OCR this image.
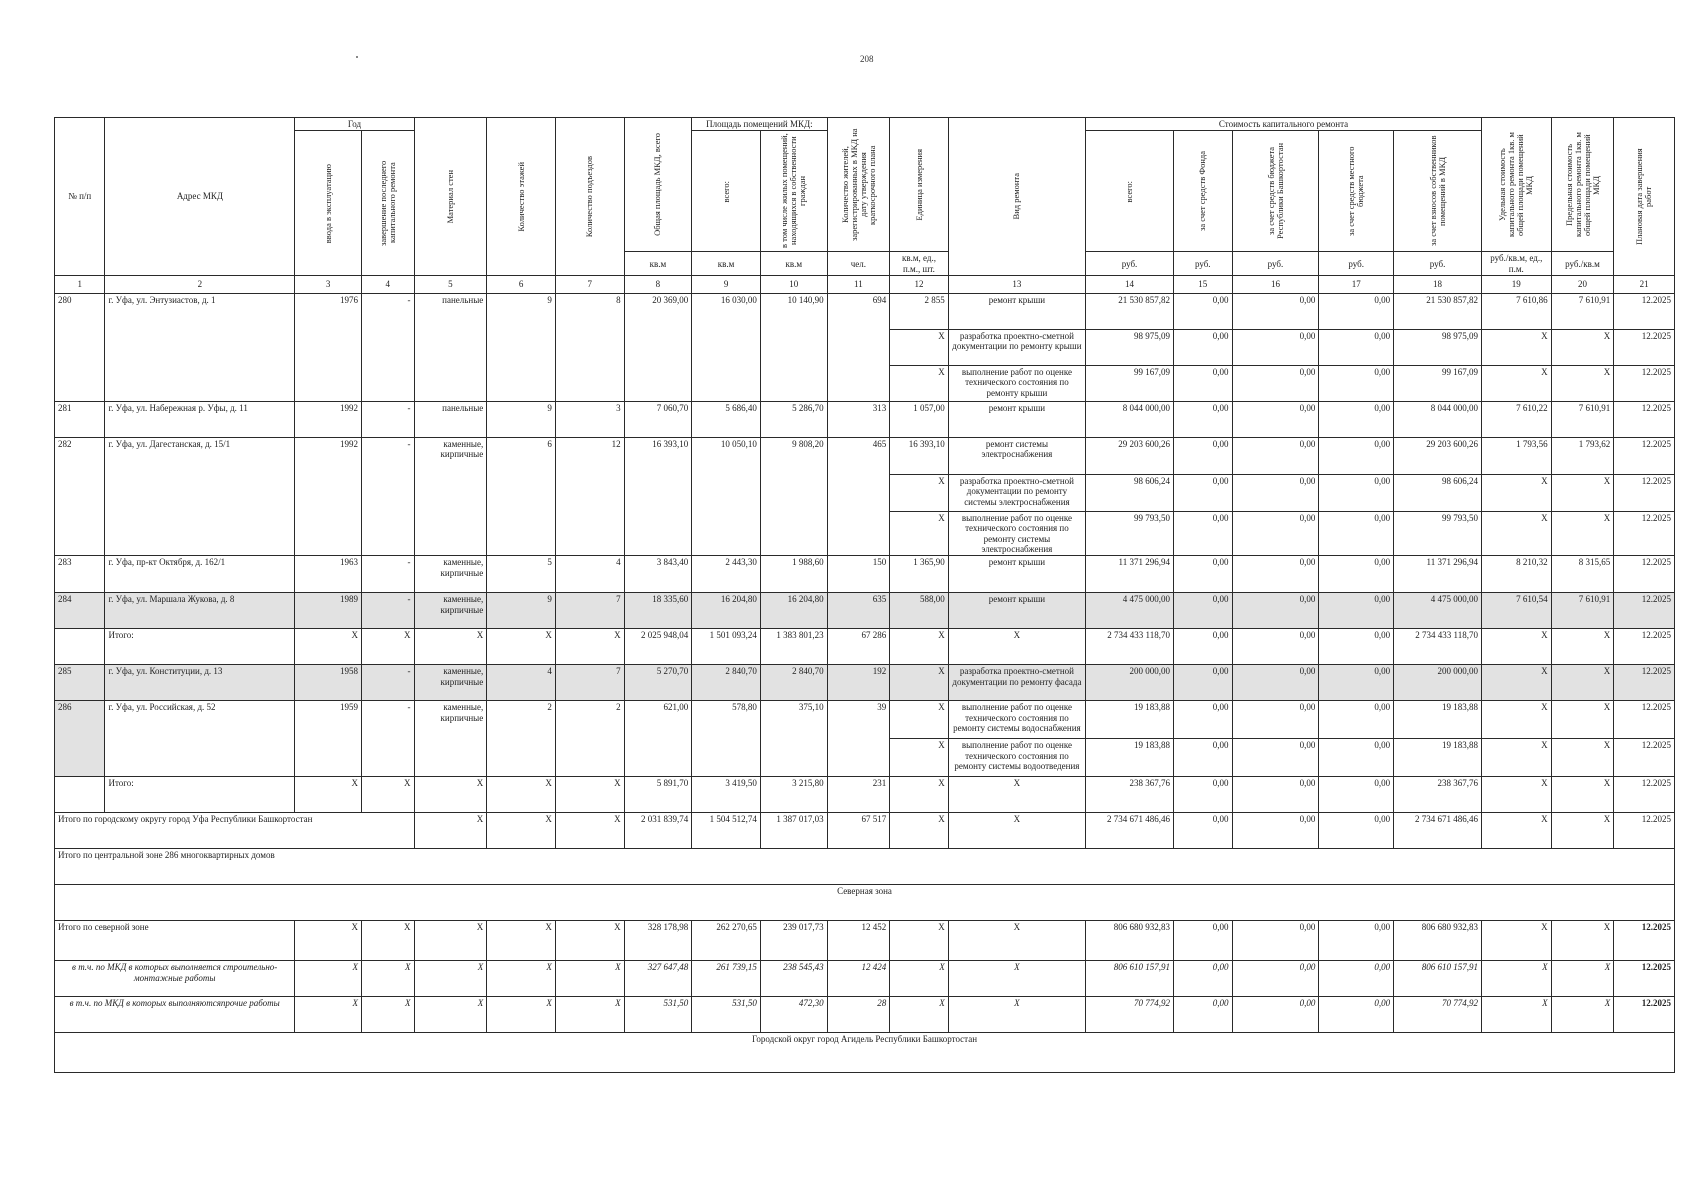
208
№ п/п	Адрес МКД	Год		Материал стен	Количество этажей	Количество подъездов	Общая площадь МКД, всего	Площадь помещений МКД:		Количество жителей, зарегистрированных в МКД на дату утверждения краткосрочного плана	Единица измерения	Вид ремонта	Стоимость капитального ремонта					Удельная стоимость капитального ремонта 1кв. м общей площади помещений МКД	Предельная стоимость капитального ремонта 1кв. м общей площади помещений МКД	Плановая дата завершения работ

		ввода в эксплуатацию	завершение последнего капитального ремонта					всего:	в том числе жилых помещений, находящихся в собственности граждан				всего:	за счет средств Фонда	за счет средств бюджета Республики Башкортостан	за счет средств местного бюджета	за счет взносов собственников помещений в МКД			

							кв.м	кв.м	кв.м	чел.	кв.м, ед., п.м., шт.		руб.	руб.	руб.	руб.	руб.	руб./кв.м, ед., п.м.	руб./кв.м	
1	2	3	4	5	6	7	8	9	10	11	12	13	14	15	16	17	18	19	20	21
280	г. Уфа, ул. Энтузиастов, д. 1	1976	-	панельные	9	8	20 369,00	16 030,00	10 140,90	694	2 855	ремонт крыши	21 530 857,82	0,00	0,00	0,00	21 530 857,82	7 610,86	7 610,91	12.2025
											X	разработка проектно-сметной документации по ремонту крыши	98 975,09	0,00	0,00	0,00	98 975,09	X	X	12.2025
											X	выполнение работ по оценке технического состояния по ремонту крыши	99 167,09	0,00	0,00	0,00	99 167,09	X	X	12.2025
281	г. Уфа, ул. Набережная р. Уфы, д. 11	1992	-	панельные	9	3	7 060,70	5 686,40	5 286,70	313	1 057,00	ремонт крыши	8 044 000,00	0,00	0,00	0,00	8 044 000,00	7 610,22	7 610,91	12.2025
282	г. Уфа, ул. Дагестанская, д. 15/1	1992	-	каменные, кирпичные	6	12	16 393,10	10 050,10	9 808,20	465	16 393,10	ремонт системы электроснабжения	29 203 600,26	0,00	0,00	0,00	29 203 600,26	1 793,56	1 793,62	12.2025
											X	разработка проектно-сметной документации по ремонту системы электроснабжения	98 606,24	0,00	0,00	0,00	98 606,24	X	X	12.2025
											X	выполнение работ по оценке технического состояния по ремонту системы электроснабжения	99 793,50	0,00	0,00	0,00	99 793,50	X	X	12.2025
283	г. Уфа, пр-кт Октября, д. 162/1	1963	-	каменные, кирпичные	5	4	3 843,40	2 443,30	1 988,60	150	1 365,90	ремонт крыши	11 371 296,94	0,00	0,00	0,00	11 371 296,94	8 210,32	8 315,65	12.2025
284	г. Уфа, ул. Маршала Жукова, д. 8	1989	-	каменные, кирпичные	9	7	18 335,60	16 204,80	16 204,80	635	588,00	ремонт крыши	4 475 000,00	0,00	0,00	0,00	4 475 000,00	7 610,54	7 610,91	12.2025
	Итого:	X	X	X	X	X	2 025 948,04	1 501 093,24	1 383 801,23	67 286	X	X	2 734 433 118,70	0,00	0,00	0,00	2 734 433 118,70	X	X	12.2025
285	г. Уфа, ул. Конституции, д. 13	1958	-	каменные, кирпичные	4	7	5 270,70	2 840,70	2 840,70	192	X	разработка проектно-сметной документации по ремонту фасада	200 000,00	0,00	0,00	0,00	200 000,00	X	X	12.2025
286	г. Уфа, ул. Российская, д. 52	1959	-	каменные, кирпичные	2	2	621,00	578,80	375,10	39	X	выполнение работ по оценке технического состояния по ремонту системы водоснабжения	19 183,88	0,00	0,00	0,00	19 183,88	X	X	12.2025
											X	выполнение работ по оценке технического состояния по ремонту системы водоотведения	19 183,88	0,00	0,00	0,00	19 183,88	X	X	12.2025
	Итого:	X	X	X	X	X	5 891,70	3 419,50	3 215,80	231	X	X	238 367,76	0,00	0,00	0,00	238 367,76	X	X	12.2025
Итого по городскому округу город Уфа Республики Башкортостан				X	X	X	2 031 839,74	1 504 512,74	1 387 017,03	67 517	X	X	2 734 671 486,46	0,00	0,00	0,00	2 734 671 486,46	X	X	12.2025
Итого по центральной зоне 286 многоквартирных домов																				
Северная зона																				
Итого по северной зоне		X	X	X	X	X	328 178,98	262 270,65	239 017,73	12 452	X	X	806 680 932,83	0,00	0,00	0,00	806 680 932,83	X	X	12.2025
в т.ч. по МКД в которых выполняется строительно-монтажные работы		X	X	X	X	X	327 647,48	261 739,15	238 545,43	12 424	X	X	806 610 157,91	0,00	0,00	0,00	806 610 157,91	X	X	12.2025
в т.ч. по МКД в которых выполняютсяпрочие работы		X	X	X	X	X	531,50	531,50	472,30	28	X	X	70 774,92	0,00	0,00	0,00	70 774,92	X	X	12.2025
Городской округ город Агидель Республики Башкортостан																				
